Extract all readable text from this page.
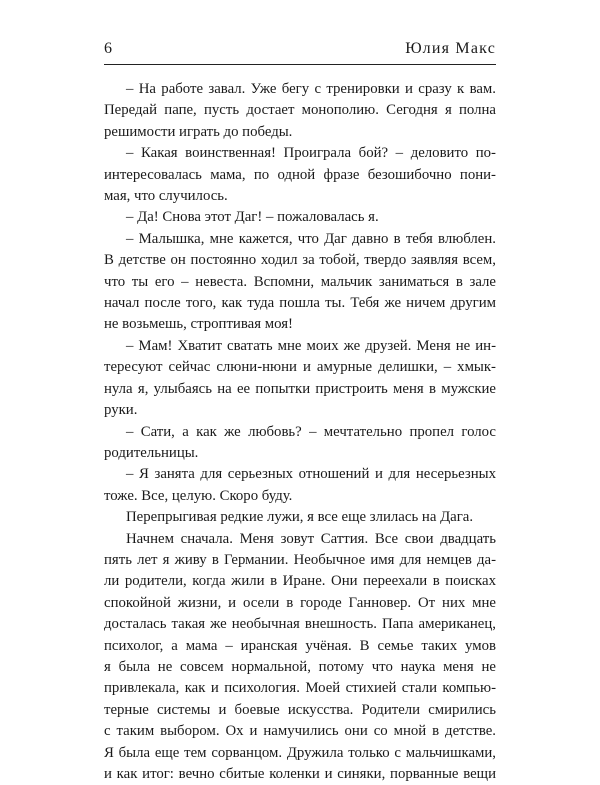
6	Юлия Макс
– На работе завал. Уже бегу с тренировки и сразу к вам.
Передай папе, пусть достает монополию. Сегодня я полна
решимости играть до победы.
– Какая воинственная! Проиграла бой? – деловито по-
интересовалась мама, по одной фразе безошибочно пони-
мая, что случилось.
– Да! Снова этот Даг! – пожаловалась я.
– Малышка, мне кажется, что Даг давно в тебя влюблен.
В детстве он постоянно ходил за тобой, твердо заявляя всем,
что ты его – невеста. Вспомни, мальчик заниматься в зале
начал после того, как туда пошла ты. Тебя же ничем другим
не возьмешь, строптивая моя!
– Мам! Хватит сватать мне моих же друзей. Меня не ин-
тересуют сейчас слюни-нюни и амурные делишки, – хмык-
нула я, улыбаясь на ее попытки пристроить меня в мужские
руки.
– Сати, а как же любовь? – мечтательно пропел голос
родительницы.
– Я занята для серьезных отношений и для несерьезных
тоже. Все, целую. Скоро буду.
Перепрыгивая редкие лужи, я все еще злилась на Дага.
Начнем сначала. Меня зовут Саттия. Все свои двадцать
пять лет я живу в Германии. Необычное имя для немцев да-
ли родители, когда жили в Иране. Они переехали в поисках
спокойной жизни, и осели в городе Ганновер. От них мне
досталась такая же необычная внешность. Папа американец,
психолог, а мама – иранская учёная. В семье таких умов
я была не совсем нормальной, потому что наука меня не
привлекала, как и психология. Моей стихией стали компью-
терные системы и боевые искусства. Родители смирились
с таким выбором. Ох и намучились они со мной в детстве.
Я была еще тем сорванцом. Дружила только с мальчишками,
и как итог: вечно сбитые коленки и синяки, порванные вещи
